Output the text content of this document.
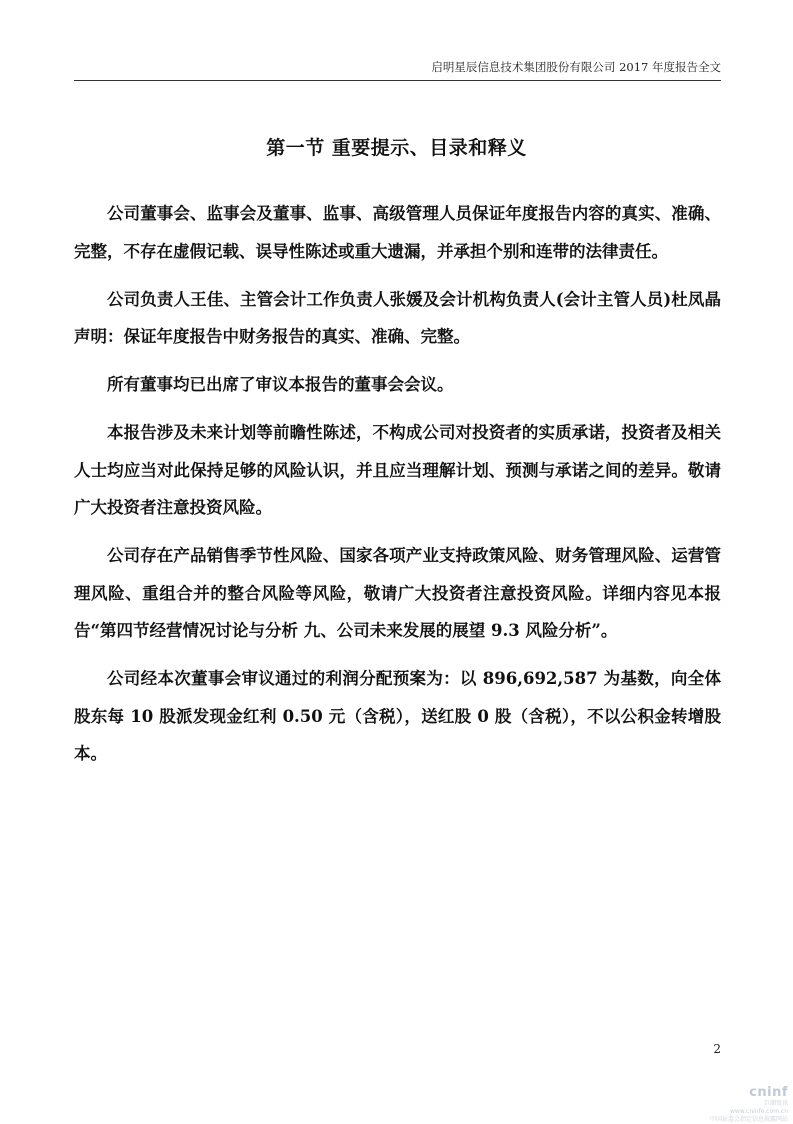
启明星辰信息技术集团股份有限公司 2017 年度报告全文
第一节 重要提示、目录和释义

公司董事会、监事会及董事、监事、高级管理人员保证年度报告内容的真实、准确、完整，不存在虚假记载、误导性陈述或重大遗漏，并承担个别和连带的法律责任。

公司负责人王佳、主管会计工作负责人张媛及会计机构负责人(会计主管人员)杜凤晶声明：保证年度报告中财务报告的真实、准确、完整。

所有董事均已出席了审议本报告的董事会会议。

本报告涉及未来计划等前瞻性陈述，不构成公司对投资者的实质承诺，投资者及相关人士均应当对此保持足够的风险认识，并且应当理解计划、预测与承诺之间的差异。敬请广大投资者注意投资风险。

公司存在产品销售季节性风险、国家各项产业支持政策风险、财务管理风险、运营管理风险、重组合并的整合风险等风险，敬请广大投资者注意投资风险。详细内容见本报告“第四节经营情况讨论与分析 九、公司未来发展的展望 9.3 风险分析”。

公司经本次董事会审议通过的利润分配预案为：以 896,692,587 为基数，向全体股东每 10 股派发现金红利 0.50 元（含税），送红股 0 股（含税），不以公积金转增股本。

2
cninf
巨潮资讯
www.cninfo.com.cn
中国证监会指定信息披露网站
